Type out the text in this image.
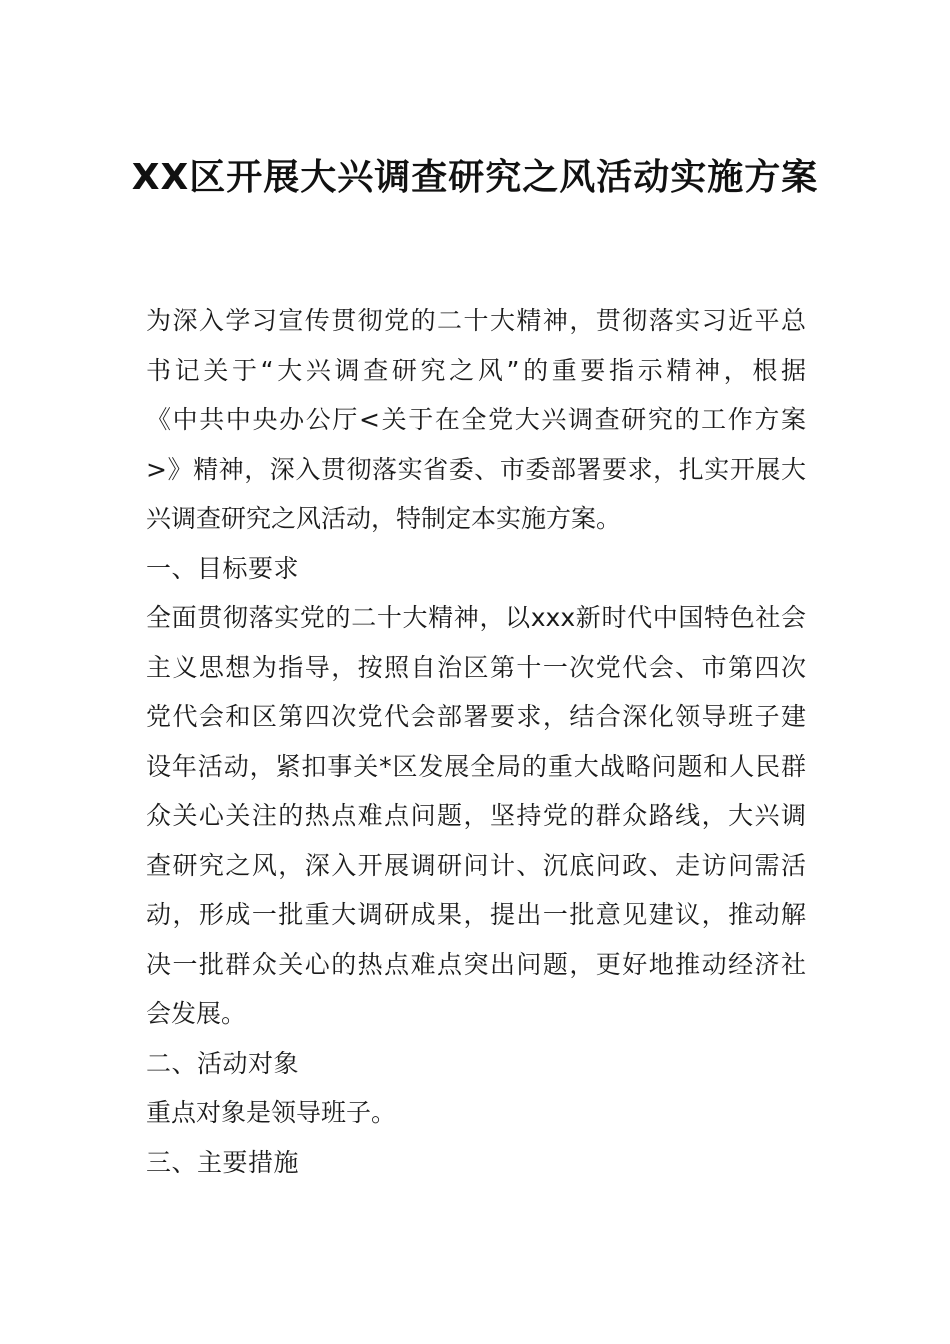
XX区开展大兴调查研究之风活动实施方案
为深入学习宣传贯彻党的二十大精神，贯彻落实习近平总
书记关于“大兴调查研究之风”的重要指示精神，根据
《中共中央办公厅<关于在全党大兴调查研究的工作方案
>》精神，深入贯彻落实省委、市委部署要求，扎实开展大
兴调查研究之风活动，特制定本实施方案。
一、目标要求
全面贯彻落实党的二十大精神，以xxx新时代中国特色社会
主义思想为指导，按照自治区第十一次党代会、市第四次
党代会和区第四次党代会部署要求，结合深化领导班子建
设年活动，紧扣事关*区发展全局的重大战略问题和人民群
众关心关注的热点难点问题，坚持党的群众路线，大兴调
查研究之风，深入开展调研问计、沉底问政、走访问需活
动，形成一批重大调研成果，提出一批意见建议，推动解
决一批群众关心的热点难点突出问题，更好地推动经济社
会发展。
二、活动对象
重点对象是领导班子。
三、主要措施
